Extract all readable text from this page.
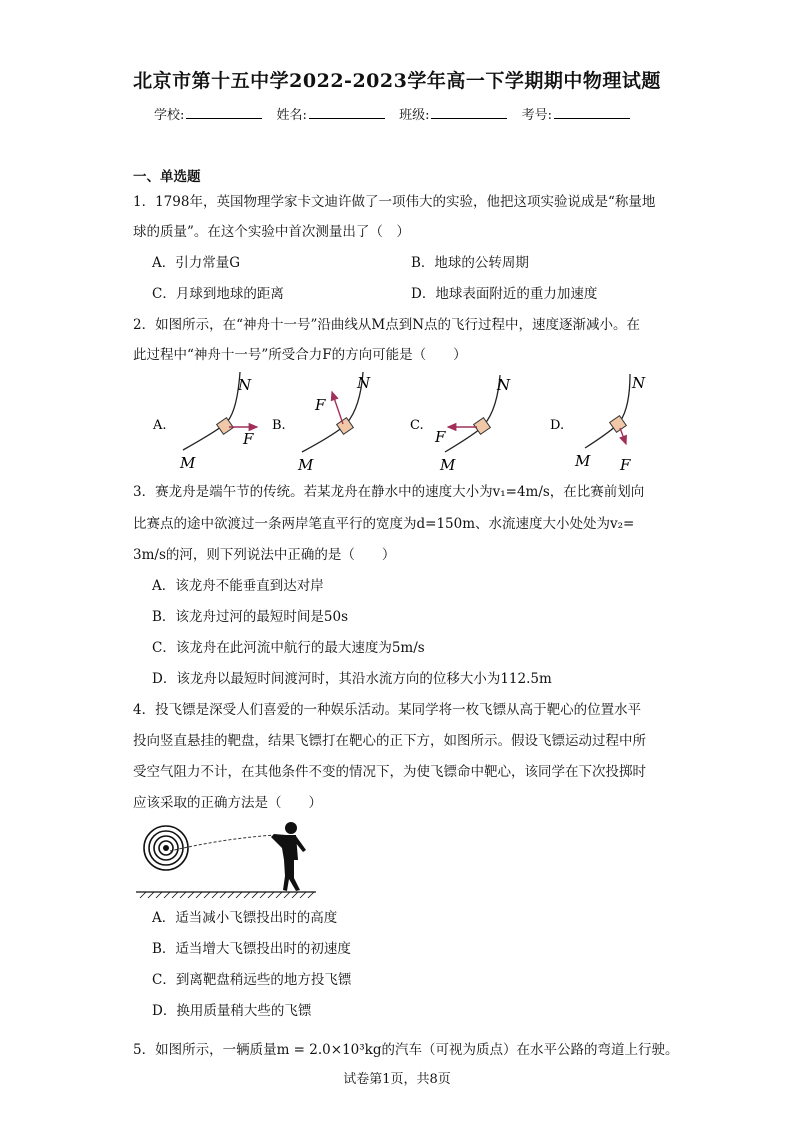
北京市第十五中学2022-2023学年高一下学期期中物理试题
学校:	姓名:	班级:	考号:
一、单选题
1．1798年，英国物理学家卡文迪许做了一项伟大的实验，他把这项实验说成是“称量地
球的质量”。在这个实验中首次测量出了（　）
A．引力常量G	B．地球的公转周期
C．月球到地球的距离	D．地球表面附近的重力加速度
2．如图所示，在“神舟十一号”沿曲线从M点到N点的飞行过程中，速度逐渐减小。在
此过程中“神舟十一号”所受合力F的方向可能是（　　）
A.
N
M
F
B.
N
M
F
C.
N
M
F
D.
N
M F
3．赛龙舟是端午节的传统。若某龙舟在静水中的速度大小为v₁=4m/s，在比赛前划向
比赛点的途中欲渡过一条两岸笔直平行的宽度为d=150m、水流速度大小处处为v₂=
3m/s的河，则下列说法中正确的是（　　）
A．该龙舟不能垂直到达对岸
B．该龙舟过河的最短时间是50s
C．该龙舟在此河流中航行的最大速度为5m/s
D．该龙舟以最短时间渡河时，其沿水流方向的位移大小为112.5m
4．投飞镖是深受人们喜爱的一种娱乐活动。某同学将一枚飞镖从高于靶心的位置水平
投向竖直悬挂的靶盘，结果飞镖打在靶心的正下方，如图所示。假设飞镖运动过程中所
受空气阻力不计，在其他条件不变的情况下，为使飞镖命中靶心，该同学在下次投掷时
应该采取的正确方法是（　　）
A．适当减小飞镖投出时的高度
B．适当增大飞镖投出时的初速度
C．到离靶盘稍远些的地方投飞镖
D．换用质量稍大些的飞镖
5．如图所示，一辆质量m = 2.0×10³kg的汽车（可视为质点）在水平公路的弯道上行驶。
试卷第1页，共8页
